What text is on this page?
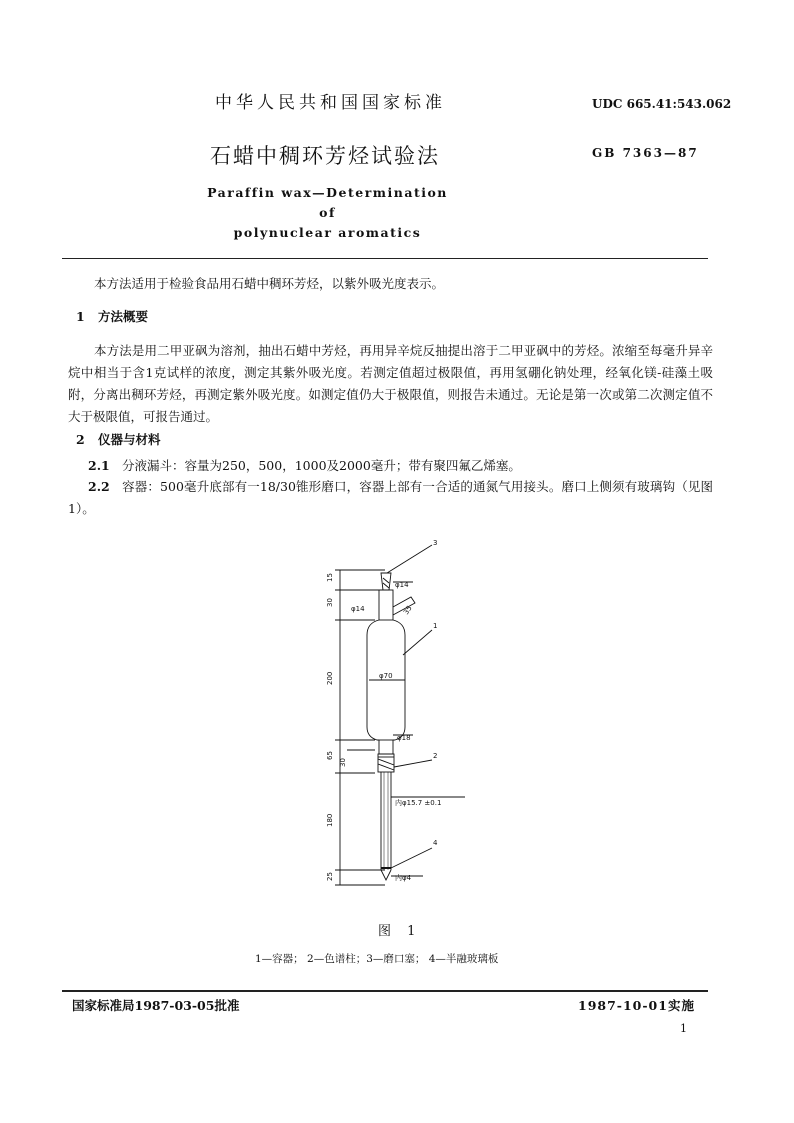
中华人民共和国国家标准	UDC 665.41:543.062
石蜡中稠环芳烃试验法	GB 7363—87
Paraffin wax—Determination of
polynuclear aromatics
本方法适用于检验食品用石蜡中稠环芳烃，以紫外吸光度表示。
1 方法概要
本方法是用二甲亚砜为溶剂，抽出石蜡中芳烃，再用异辛烷反抽提出溶于二甲亚砜中的芳烃。浓缩至每毫升异辛烷中相当于含1克试样的浓度，测定其紫外吸光度。若测定值超过极限值，再用氢硼化钠处理，经氧化镁-硅藻土吸附，分离出稠环芳烃，再测定紫外吸光度。如测定值仍大于极限值，则报告未通过。无论是第一次或第二次测定值不大于极限值，可报告通过。
2 仪器与材料
2.1 分液漏斗：容量为250，500，1000及2000毫升；带有聚四氟乙烯塞。
2.2 容器：500毫升底部有一18/30锥形磨口，容器上部有一合适的通氮气用接头。磨口上侧须有玻璃钩（见图1）。
15
30
200
65
30
180
25
φ14
φ14	35
φ70
φ18
内φ15.7 ±0.1
内φ4
3
1
2
4
图 1
1—容器； 2—色谱柱；3—磨口塞； 4—半融玻璃板
国家标准局1987-03-05批准	1987-10-01实施
1
